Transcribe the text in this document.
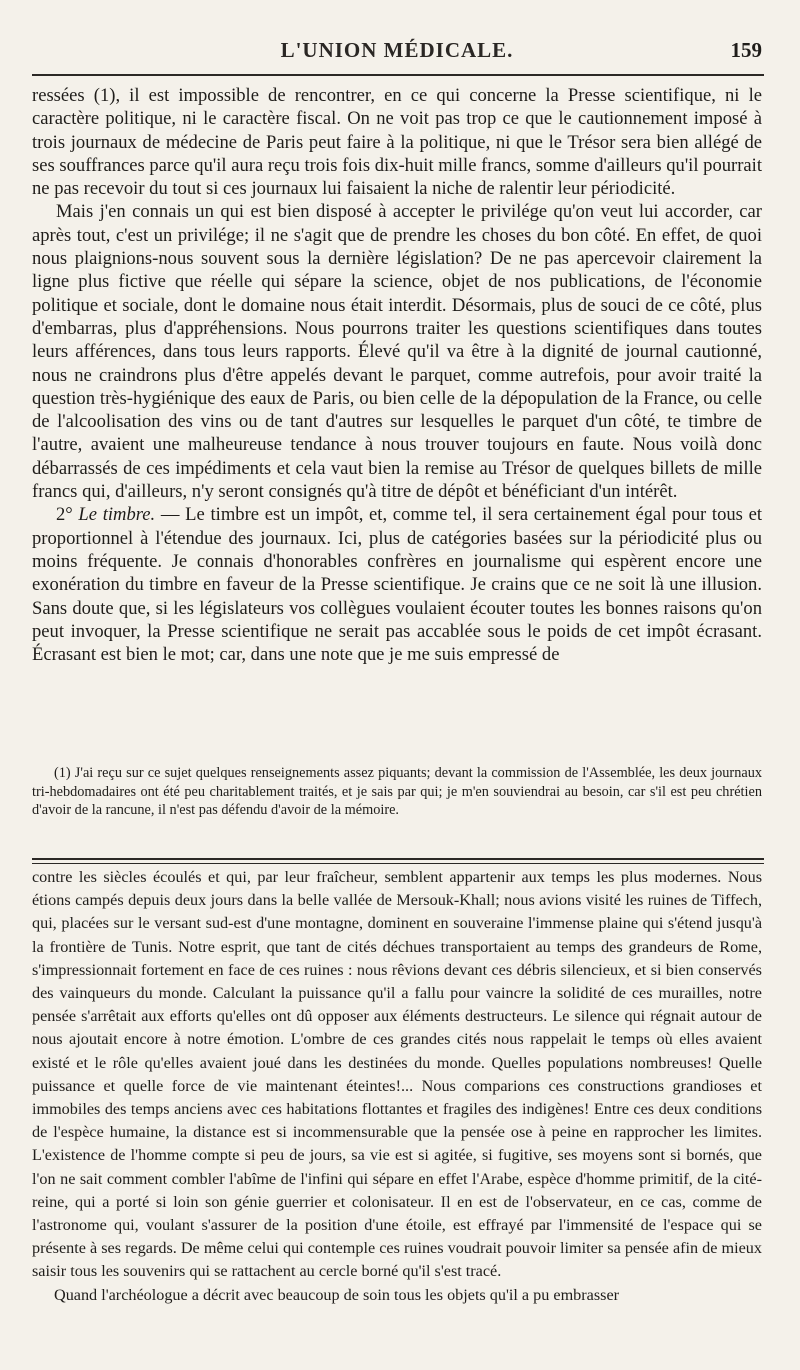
L'UNION MÉDICALE.	159

ressées (1), il est impossible de rencontrer, en ce qui concerne la Presse scientifique, ni le caractère politique, ni le caractère fiscal. On ne voit pas trop ce que le cautionnement imposé à trois journaux de médecine de Paris peut faire à la politique, ni que le Trésor sera bien allégé de ses souffrances parce qu'il aura reçu trois fois dix-huit mille francs, somme d'ailleurs qu'il pourrait ne pas recevoir du tout si ces journaux lui faisaient la niche de ralentir leur périodicité.

Mais j'en connais un qui est bien disposé à accepter le privilége qu'on veut lui accorder, car après tout, c'est un privilége; il ne s'agit que de prendre les choses du bon côté. En effet, de quoi nous plaignions-nous souvent sous la dernière législation? De ne pas apercevoir clairement la ligne plus fictive que réelle qui sépare la science, objet de nos publications, de l'économie politique et sociale, dont le domaine nous était interdit. Désormais, plus de souci de ce côté, plus d'embarras, plus d'appréhensions. Nous pourrons traiter les questions scientifiques dans toutes leurs afférences, dans tous leurs rapports. Élevé qu'il va être à la dignité de journal cautionné, nous ne craindrons plus d'être appelés devant le parquet, comme autrefois, pour avoir traité la question très-hygiénique des eaux de Paris, ou bien celle de la dépopulation de la France, ou celle de l'alcoolisation des vins ou de tant d'autres sur lesquelles le parquet d'un côté, te timbre de l'autre, avaient une malheureuse tendance à nous trouver toujours en faute. Nous voilà donc débarrassés de ces impédiments et cela vaut bien la remise au Trésor de quelques billets de mille francs qui, d'ailleurs, n'y seront consignés qu'à titre de dépôt et bénéficiant d'un intérêt.

2° Le timbre. — Le timbre est un impôt, et, comme tel, il sera certainement égal pour tous et proportionnel à l'étendue des journaux. Ici, plus de catégories basées sur la périodicité plus ou moins fréquente. Je connais d'honorables confrères en journalisme qui espèrent encore une exonération du timbre en faveur de la Presse scientifique. Je crains que ce ne soit là une illusion. Sans doute que, si les législateurs vos collègues voulaient écouter toutes les bonnes raisons qu'on peut invoquer, la Presse scientifique ne serait pas accablée sous le poids de cet impôt écrasant. Écrasant est bien le mot; car, dans une note que je me suis empressé de

(1) J'ai reçu sur ce sujet quelques renseignements assez piquants; devant la commission de l'Assemblée, les deux journaux tri-hebdomadaires ont été peu charitablement traités, et je sais par qui; je m'en souviendrai au besoin, car s'il est peu chrétien d'avoir de la rancune, il n'est pas défendu d'avoir de la mémoire.

contre les siècles écoulés et qui, par leur fraîcheur, semblent appartenir aux temps les plus modernes. Nous étions campés depuis deux jours dans la belle vallée de Mersouk-Khall; nous avions visité les ruines de Tiffech, qui, placées sur le versant sud-est d'une montagne, dominent en souveraine l'immense plaine qui s'étend jusqu'à la frontière de Tunis. Notre esprit, que tant de cités déchues transportaient au temps des grandeurs de Rome, s'impressionnait fortement en face de ces ruines : nous rêvions devant ces débris silencieux, et si bien conservés des vainqueurs du monde. Calculant la puissance qu'il a fallu pour vaincre la solidité de ces murailles, notre pensée s'arrêtait aux efforts qu'elles ont dû opposer aux éléments destructeurs. Le silence qui régnait autour de nous ajoutait encore à notre émotion. L'ombre de ces grandes cités nous rappelait le temps où elles avaient existé et le rôle qu'elles avaient joué dans les destinées du monde. Quelles populations nombreuses! Quelle puissance et quelle force de vie maintenant éteintes!... Nous comparions ces constructions grandioses et immobiles des temps anciens avec ces habitations flottantes et fragiles des indigènes! Entre ces deux conditions de l'espèce humaine, la distance est si incommensurable que la pensée ose à peine en rapprocher les limites. L'existence de l'homme compte si peu de jours, sa vie est si agitée, si fugitive, ses moyens sont si bornés, que l'on ne sait comment combler l'abîme de l'infini qui sépare en effet l'Arabe, espèce d'homme primitif, de la cité-reine, qui a porté si loin son génie guerrier et colonisateur. Il en est de l'observateur, en ce cas, comme de l'astronome qui, voulant s'assurer de la position d'une étoile, est effrayé par l'immensité de l'espace qui se présente à ses regards. De même celui qui contemple ces ruines voudrait pouvoir limiter sa pensée afin de mieux saisir tous les souvenirs qui se rattachent au cercle borné qu'il s'est tracé.

Quand l'archéologue a décrit avec beaucoup de soin tous les objets qu'il a pu embrasser
